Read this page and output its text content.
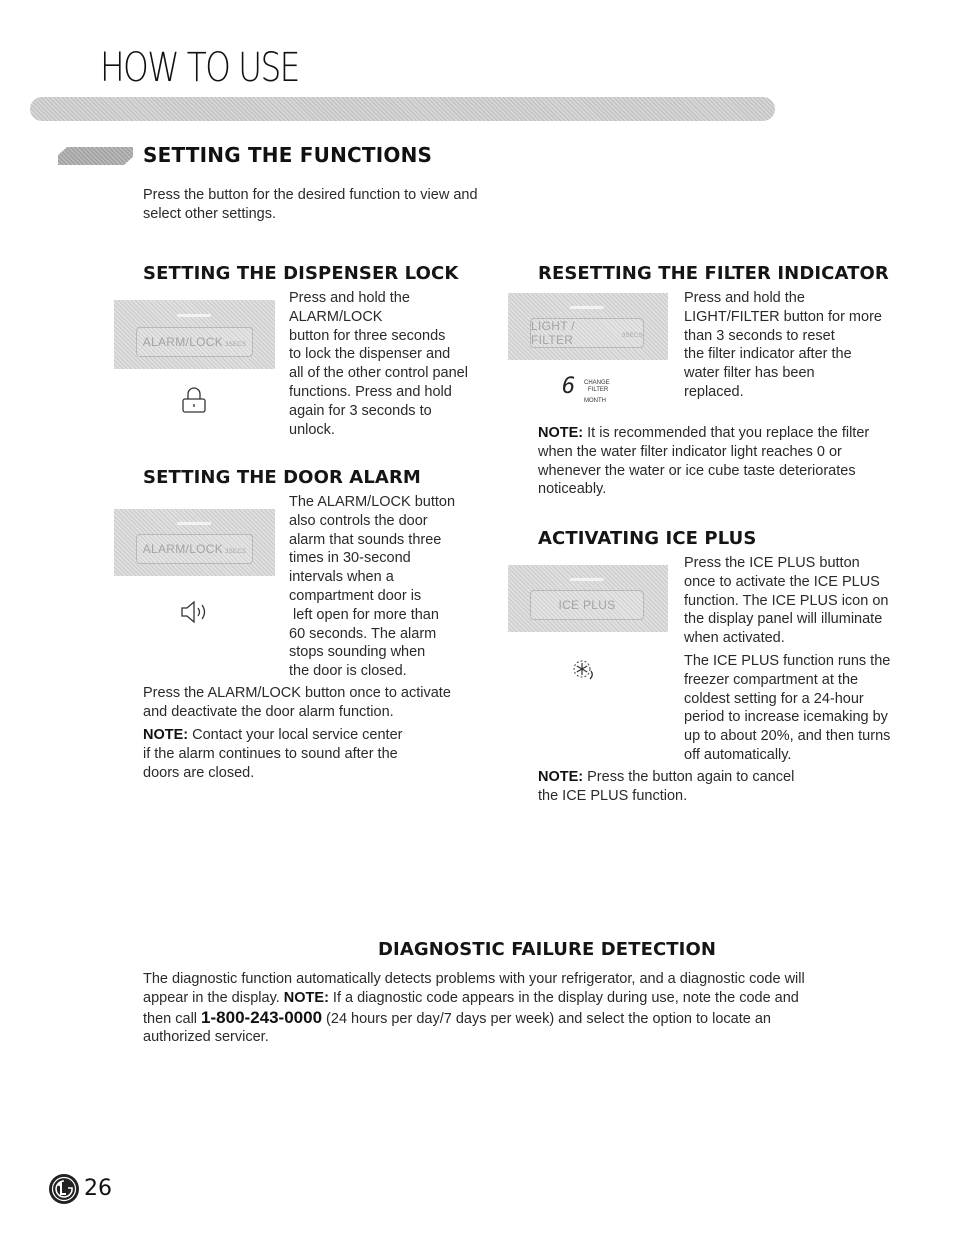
HOW TO USE
SETTING THE FUNCTIONS

Press the button for the desired function to view and

select other settings.

SETTING THE DISPENSER LOCK
ALARM/LOCK 3SECS

Press and hold the

ALARM/LOCK

button for three seconds

to lock the dispenser and

all of the other control panel

functions. Press and hold

again for 3 seconds to

unlock.

SETTING THE DOOR ALARM
ALARM/LOCK 3SECS

The ALARM/LOCK button

also controls the door

alarm that sounds three

times in 30-second

intervals when a

compartment door is

left open for more than

60 seconds. The alarm

stops sounding when

the door is closed.

Press the ALARM/LOCK button once to activate

and deactivate the door alarm function.

NOTE: Contact your local service center

if the alarm continues to sound after the

doors are closed.

RESETTING THE FILTER INDICATOR
LIGHT / FILTER	3SECS
6 CHANGE
FILTER
MONTH

Press and hold the

LIGHT/FILTER button for more

than 3 seconds to reset

the filter indicator after the

water filter has been

replaced.

NOTE: It is recommended that you replace the filter

when the water filter indicator light reaches 0 or

whenever the water or ice cube taste deteriorates

noticeably.

ACTIVATING ICE PLUS
ICE PLUS

Press the ICE PLUS button

once to activate the ICE PLUS

function. The ICE PLUS icon on

the display panel will illuminate

when activated.

The ICE PLUS function runs the

freezer compartment at the

coldest setting for a 24-hour

period to increase icemaking by

up to about 20%, and then turns

off automatically.

NOTE: Press the button again to cancel

the ICE PLUS function.

DIAGNOSTIC FAILURE DETECTION

The diagnostic function automatically detects problems with your refrigerator, and a diagnostic code will

appear in the display. NOTE: If a diagnostic code appears in the display during use, note the code and

then call 1-800-243-0000 (24 hours per day/7 days per week) and select the option to locate an

authorized servicer.

26
